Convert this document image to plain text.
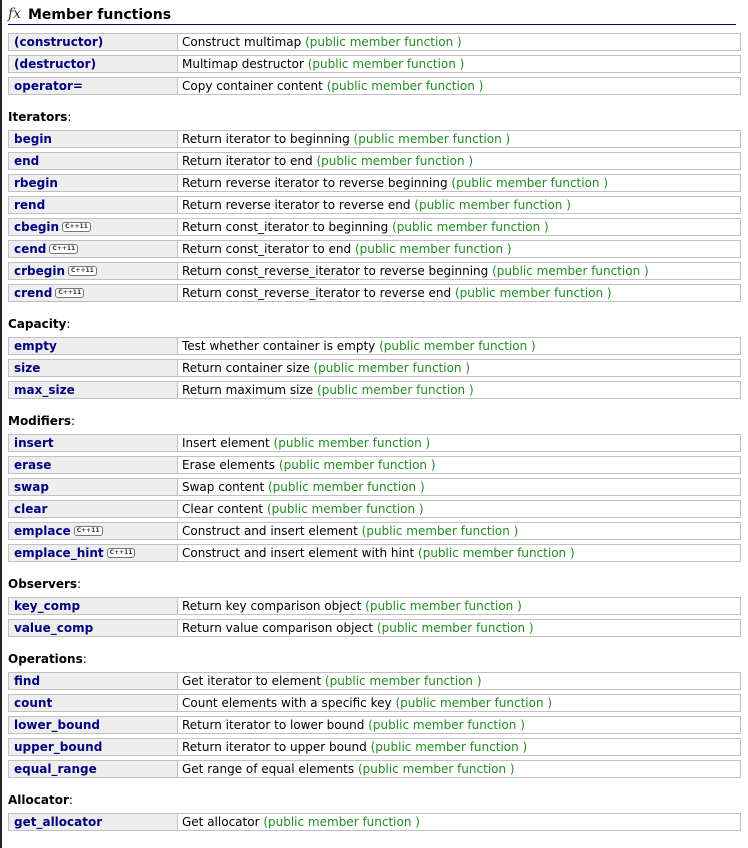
fx Member functions
(constructor)	Construct multimap (public member function )
(destructor)	Multimap destructor (public member function )
operator=	Copy container content (public member function )
Iterators:
begin	Return iterator to beginning (public member function )
end	Return iterator to end (public member function )
rbegin	Return reverse iterator to reverse beginning (public member function )
rend	Return reverse iterator to reverse end (public member function )
cbegin C++11	Return const_iterator to beginning (public member function )
cend C++11	Return const_iterator to end (public member function )
crbegin C++11	Return const_reverse_iterator to reverse beginning (public member function )
crend C++11	Return const_reverse_iterator to reverse end (public member function )
Capacity:
empty	Test whether container is empty (public member function )
size	Return container size (public member function )
max_size	Return maximum size (public member function )
Modifiers:
insert	Insert element (public member function )
erase	Erase elements (public member function )
swap	Swap content (public member function )
clear	Clear content (public member function )
emplace C++11	Construct and insert element (public member function )
emplace_hint C++11	Construct and insert element with hint (public member function )
Observers:
key_comp	Return key comparison object (public member function )
value_comp	Return value comparison object (public member function )
Operations:
find	Get iterator to element (public member function )
count	Count elements with a specific key (public member function )
lower_bound	Return iterator to lower bound (public member function )
upper_bound	Return iterator to upper bound (public member function )
equal_range	Get range of equal elements (public member function )
Allocator:
get_allocator	Get allocator (public member function )
